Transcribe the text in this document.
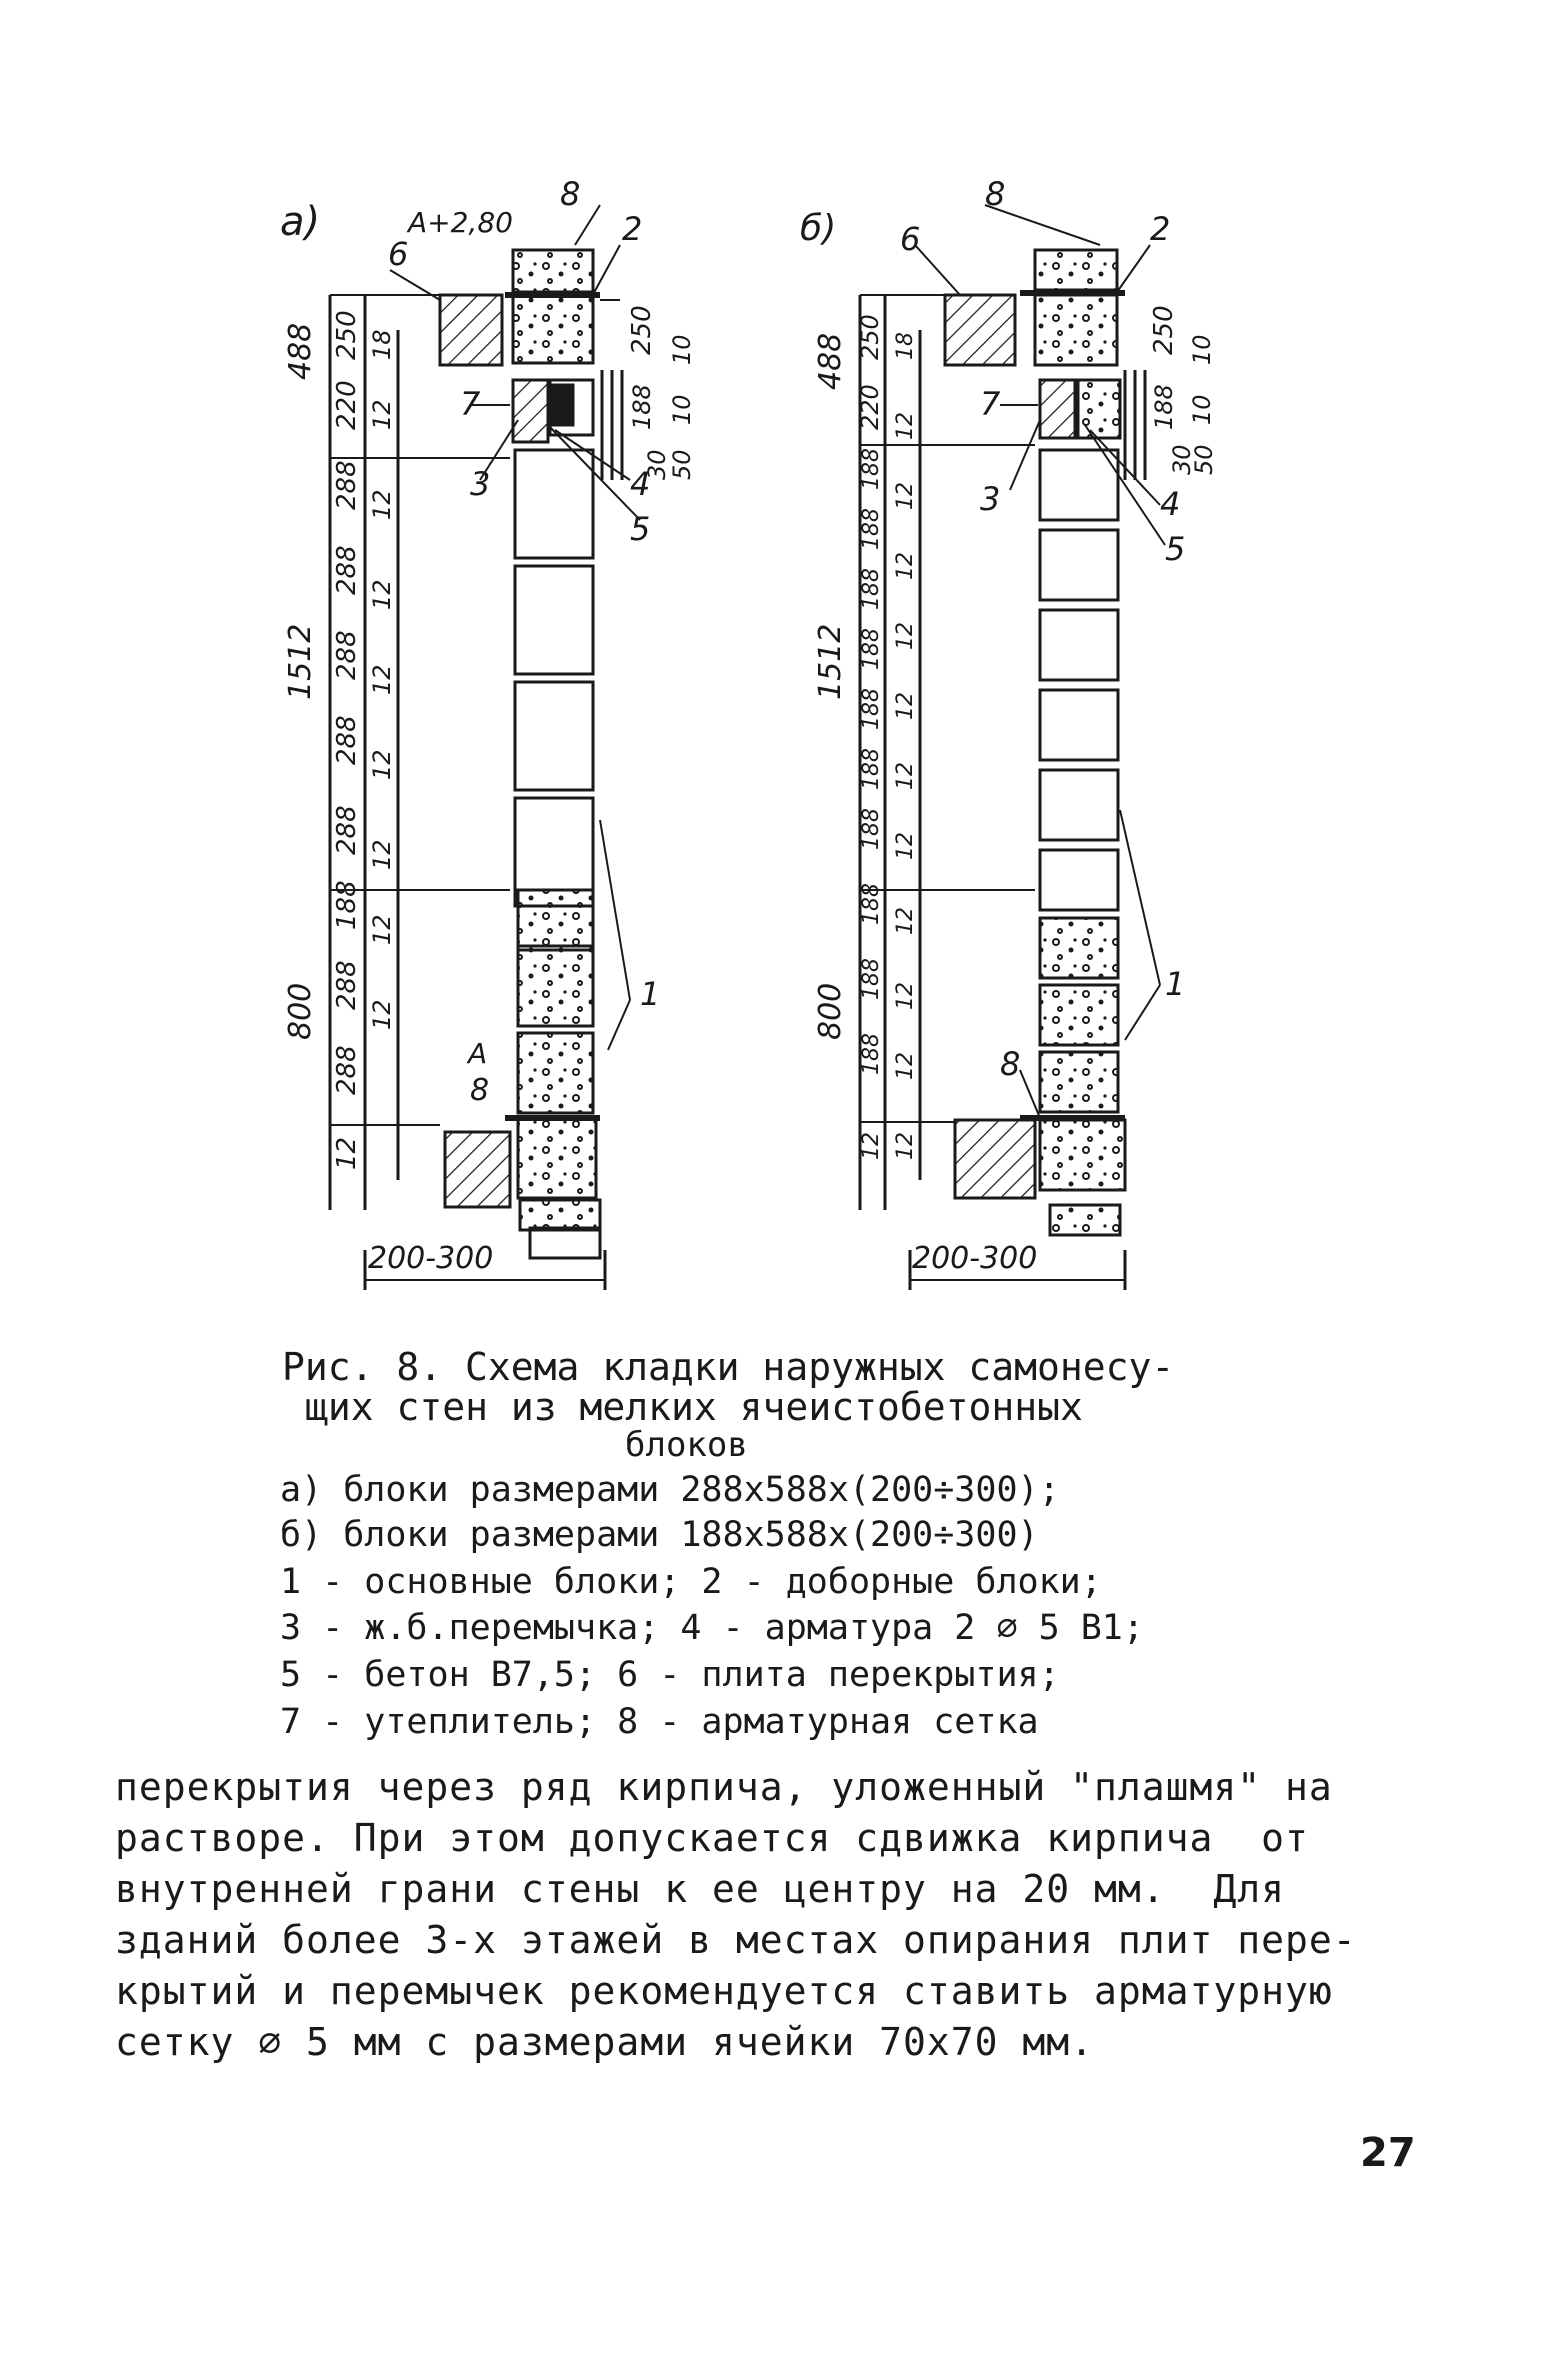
а)	А+2,80
А
488
1512
800
250
220
288
288
288
288
288
188
288
288
12
18
12
12
12
12
12
12
12
12
250 10
188 10
30
50
200-300
1
2
3	4
5
6
7
8
8
б)
488
1512
800
250
220
188
188
188
188
188
188
188
188
188
188
12
18
12
12
12
12
12
12
12
12
12
12
12
250 10
188 10
30
50
200-300
1
2
3	4
5
6
7
8
8
Рис. 8. Схема кладки наружных самонесу-
щих стен из мелких ячеистобетонных
блоков
а) блоки размерами 288х588х(200÷300);
б) блоки размерами 188х588х(200÷300)
1 - основные блоки; 2 - доборные блоки;
3 - ж.б.перемычка; 4 - арматура 2 ⌀ 5 В1;
5 - бетон В7,5; 6 - плита перекрытия;
7 - утеплитель; 8 - арматурная сетка
перекрытия через ряд кирпича, уложенный "плашмя" на
растворе. При этом допускается сдвижка кирпича  от
внутренней грани стены к ее центру на 20 мм.  Для
зданий более 3-х этажей в местах опирания плит пере-
крытий и перемычек рекомендуется ставить арматурную
сетку ⌀ 5 мм с размерами ячейки 70х70 мм.
27
